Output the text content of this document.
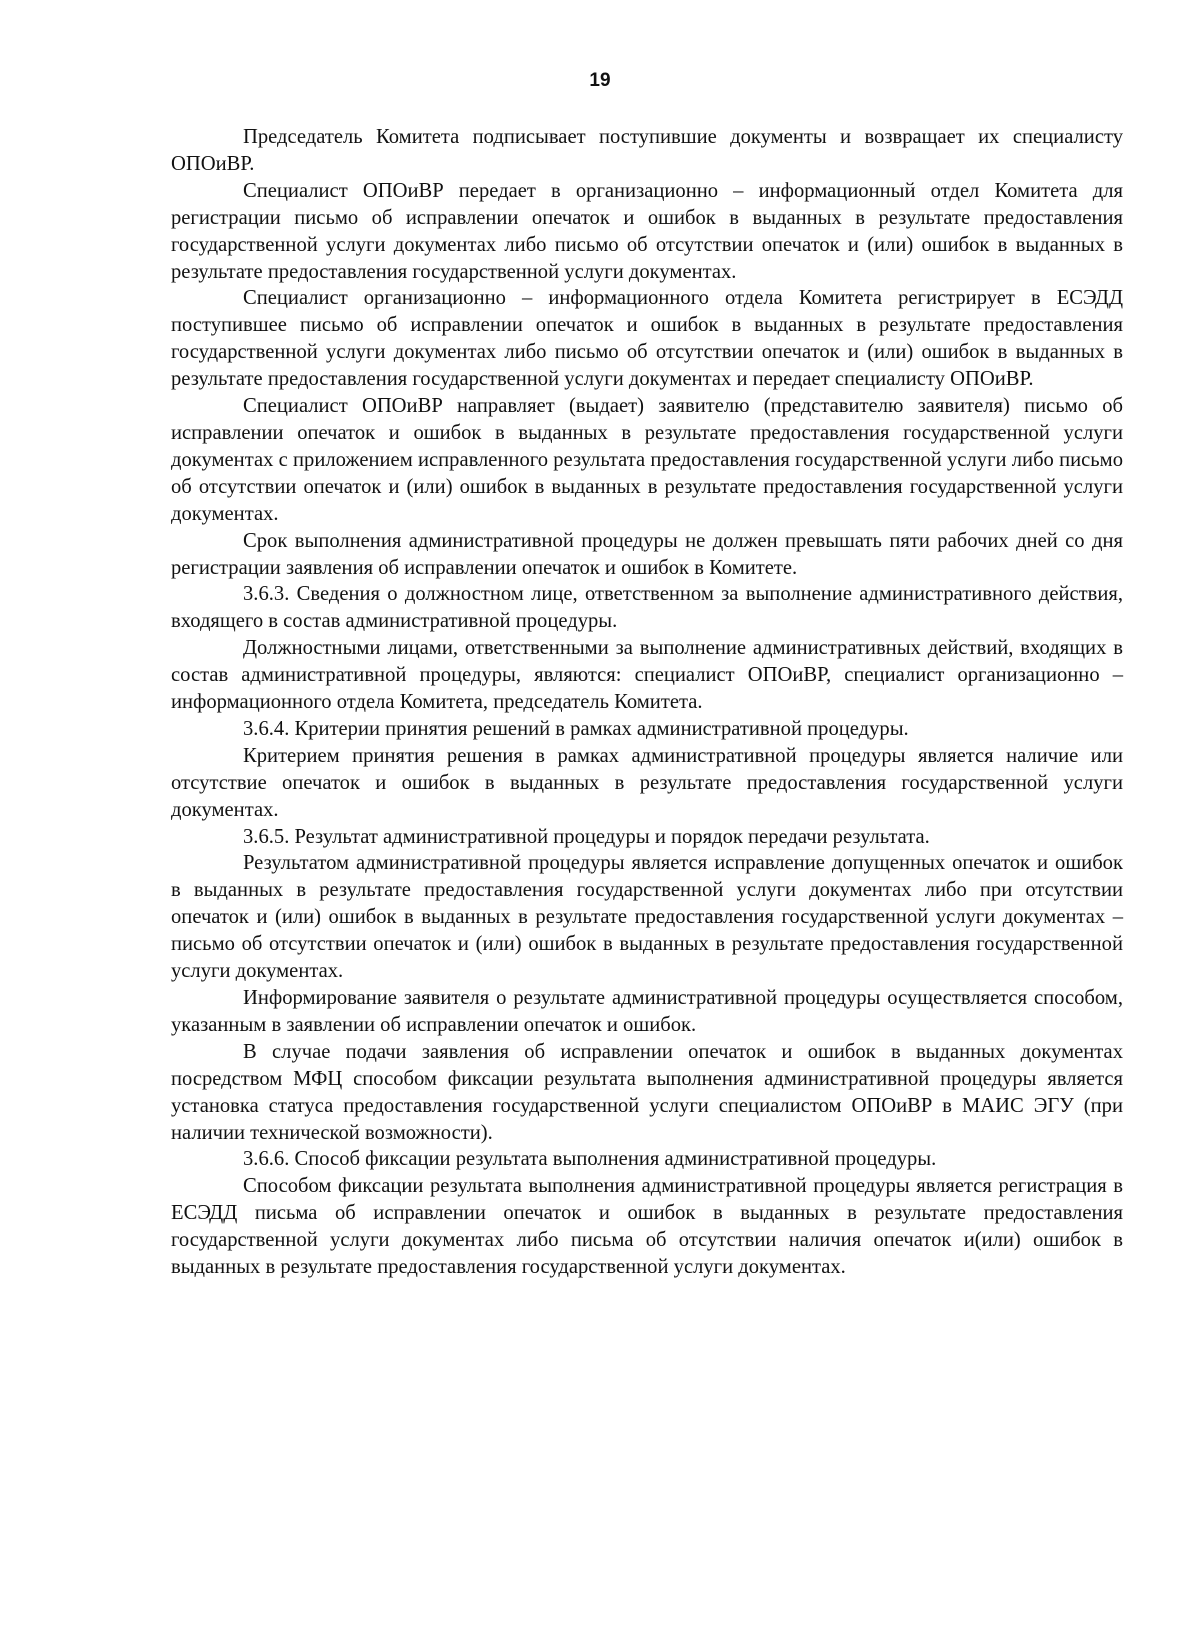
19

Председатель Комитета подписывает поступившие документы и возвращает их специалисту ОПОиВР.

Специалист ОПОиВР передает в организационно – информационный отдел Комитета для регистрации письмо об исправлении опечаток и ошибок в выданных в результате предоставления государственной услуги документах либо письмо об отсутствии опечаток и (или) ошибок в выданных в результате предоставления государственной услуги документах.

Специалист организационно – информационного отдела Комитета регистрирует в ЕСЭДД поступившее письмо об исправлении опечаток и ошибок в выданных в результате предоставления государственной услуги документах либо письмо об отсутствии опечаток и (или) ошибок в выданных в результате предоставления государственной услуги документах и передает специалисту ОПОиВР.

Специалист ОПОиВР направляет (выдает) заявителю (представителю заявителя) письмо об исправлении опечаток и ошибок в выданных в результате предоставления государственной услуги документах с приложением исправленного результата предоставления государственной услуги либо письмо об отсутствии опечаток и (или) ошибок в выданных в результате предоставления государственной услуги документах.

Срок выполнения административной процедуры не должен превышать пяти рабочих дней со дня регистрации заявления об исправлении опечаток и ошибок в Комитете.

3.6.3. Сведения о должностном лице, ответственном за выполнение административного действия, входящего в состав административной процедуры.

Должностными лицами, ответственными за выполнение административных действий, входящих в состав административной процедуры, являются: специалист ОПОиВР, специалист организационно – информационного отдела Комитета, председатель Комитета.

3.6.4. Критерии принятия решений в рамках административной процедуры.

Критерием принятия решения в рамках административной процедуры является наличие или отсутствие опечаток и ошибок в выданных в результате предоставления государственной услуги документах.

3.6.5. Результат административной процедуры и порядок передачи результата.

Результатом административной процедуры является исправление допущенных опечаток и ошибок в выданных в результате предоставления государственной услуги документах либо при отсутствии опечаток и (или) ошибок в выданных в результате предоставления государственной услуги документах – письмо об отсутствии опечаток и (или) ошибок в выданных в результате предоставления государственной услуги документах.

Информирование заявителя о результате административной процедуры осуществляется способом, указанным в заявлении об исправлении опечаток и ошибок.

В случае подачи заявления об исправлении опечаток и ошибок в выданных документах посредством МФЦ способом фиксации результата выполнения административной процедуры является установка статуса предоставления государственной услуги специалистом ОПОиВР в МАИС ЭГУ (при наличии технической возможности).

3.6.6. Способ фиксации результата выполнения административной процедуры.

Способом фиксации результата выполнения административной процедуры является регистрация в ЕСЭДД письма об исправлении опечаток и ошибок в выданных в результате предоставления государственной услуги документах либо письма об отсутствии наличия опечаток и(или) ошибок в выданных в результате предоставления государственной услуги документах.
